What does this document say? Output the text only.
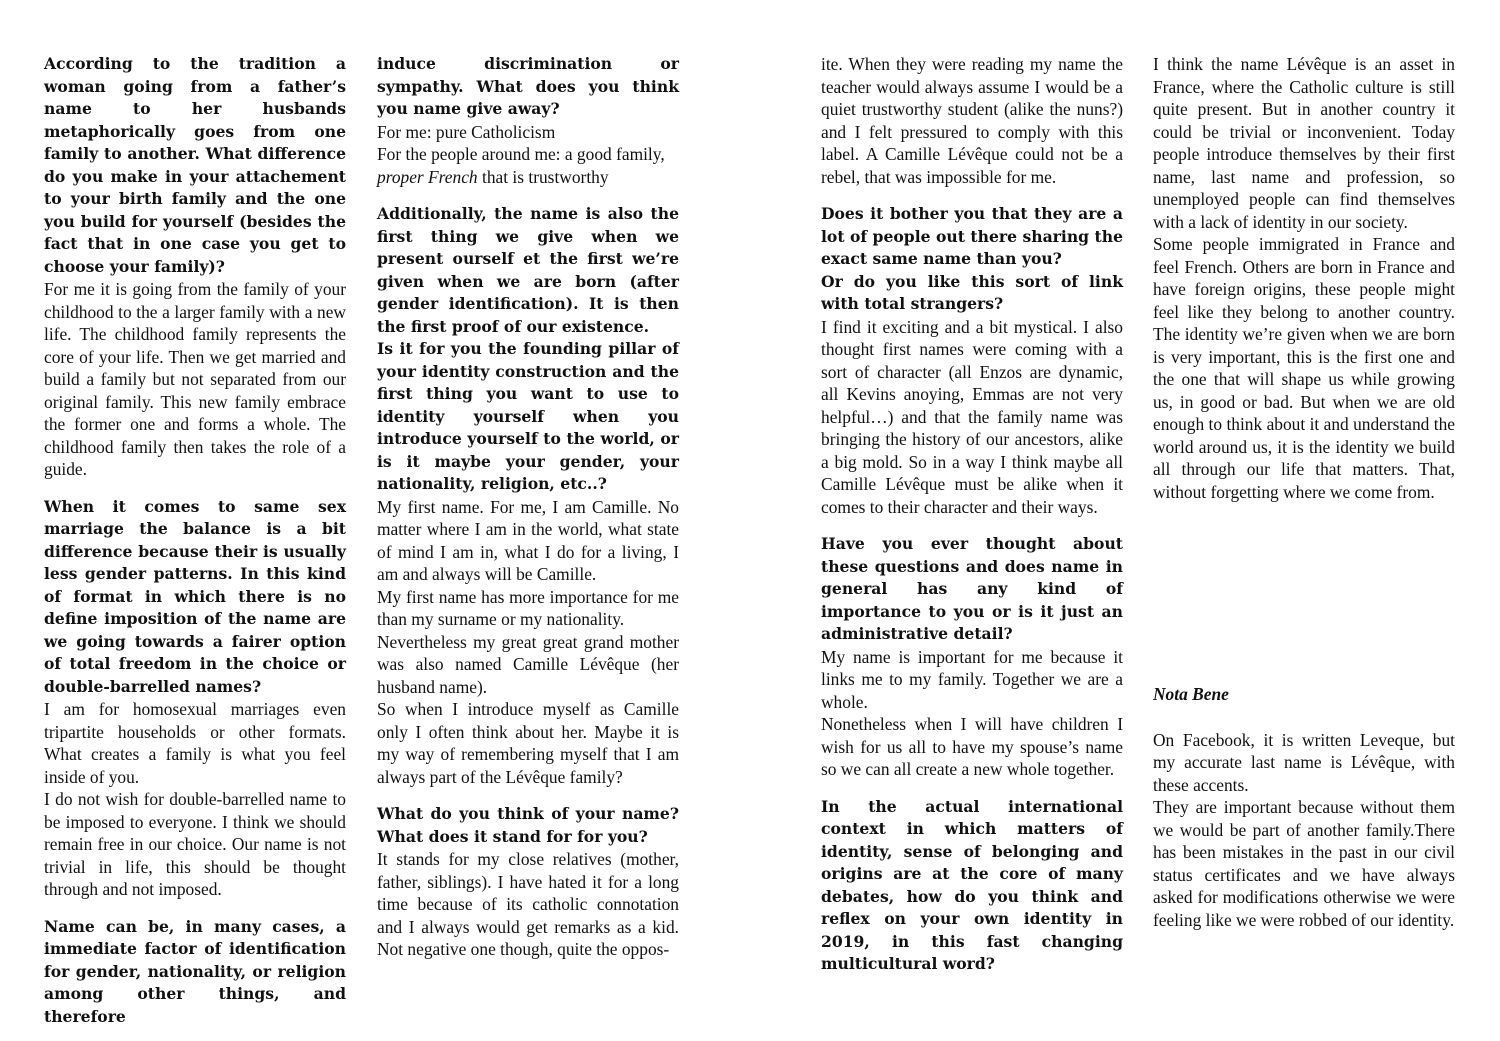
According to the tradition a woman going from a father’s name to her husbands metaphorically goes from one family to another. What difference do you make in your attachement to your birth family and the one you build for yourself (besides the fact that in one case you get to choose your family)?

For me it is going from the family of your childhood to the a larger family with a new life. The childhood family represents the core of your life. Then we get married and build a family but not separated from our original family. This new family embrace the former one and forms a whole. The childhood family then takes the role of a guide.

When it comes to same sex marriage the balance is a bit difference because their is usually less gender patterns. In this kind of format in which there is no define imposition of the name are we going towards a fairer option of total freedom in the choice or double-barrelled names?

I am for homosexual marriages even tripartite households or other formats. What creates a family is what you feel inside of you.

I do not wish for double-barrelled name to be imposed to everyone. I think we should remain free in our choice. Our name is not trivial in life, this should be thought through and not imposed.

Name can be, in many cases, a immediate factor of identification for gender, nationality, or religion among other things, and therefore

induce discrimination or sympathy. What does you think you name give away?

For me: pure Catholicism

For the people around me: a good family, proper French that is trustworthy

Additionally, the name is also the first thing we give when we present ourself et the first we’re given when we are born (after gender identification). It is then the first proof of our existence.

Is it for you the founding pillar of your identity construction and the first thing you want to use to identity yourself when you introduce yourself to the world, or is it maybe your gender, your nationality, religion, etc..?

My first name. For me, I am Camille. No matter where I am in the world, what state of mind I am in, what I do for a living, I am and always will be Camille.

My first name has more importance for me than my surname or my nationality.

Nevertheless my great great grand mother was also named Camille Lévêque (her husband name).

So when I introduce myself as Camille only I often think about her. Maybe it is my way of remembering myself that I am always part of the Lévêque family?

What do you think of your name? What does it stand for for you?

It stands for my close relatives (mother, father, siblings). I have hated it for a long time because of its catholic connotation and I always would get remarks as a kid. Not negative one though, quite the oppos-

ite. When they were reading my name the teacher would always assume I would be a quiet trustworthy student (alike the nuns?) and I felt pressured to comply with this label. A Camille Lévêque could not be a rebel, that was impossible for me.

Does it bother you that they are a lot of people out there sharing the exact same name than you?

Or do you like this sort of link with total strangers?

I find it exciting and a bit mystical. I also thought first names were coming with a sort of character (all Enzos are dynamic, all Kevins anoying, Emmas are not very helpful…) and that the family name was bringing the history of our ancestors, alike a big mold. So in a way I think maybe all Camille Lévêque must be alike when it comes to their character and their ways.

Have you ever thought about these questions and does name in general has any kind of importance to you or is it just an administrative detail?

My name is important for me because it links me to my family. Together we are a whole.

Nonetheless when I will have children I wish for us all to have my spouse’s name so we can all create a new whole together.

In the actual international context in which matters of identity, sense of belonging and origins are at the core of many debates, how do you think and reflex on your own identity in 2019, in this fast changing multicultural word?

I think the name Lévêque is an asset in France, where the Catholic culture is still quite present. But in another country it could be trivial or inconvenient. Today people introduce themselves by their first name, last name and profession, so unemployed people can find themselves with a lack of identity in our society.

Some people immigrated in France and feel French. Others are born in France and have foreign origins, these people might feel like they belong to another country. The identity we’re given when we are born is very important, this is the first one and the one that will shape us while growing us, in good or bad. But when we are old enough to think about it and understand the world around us, it is the identity we build all through our life that matters. That, without forgetting where we come from.

Nota Bene

On Facebook, it is written Leveque, but my accurate last name is Lévêque, with these accents.

They are important because without them we would be part of another family.There has been mistakes in the past in our civil status certificates and we have always asked for modifications otherwise we were feeling like we were robbed of our identity.
